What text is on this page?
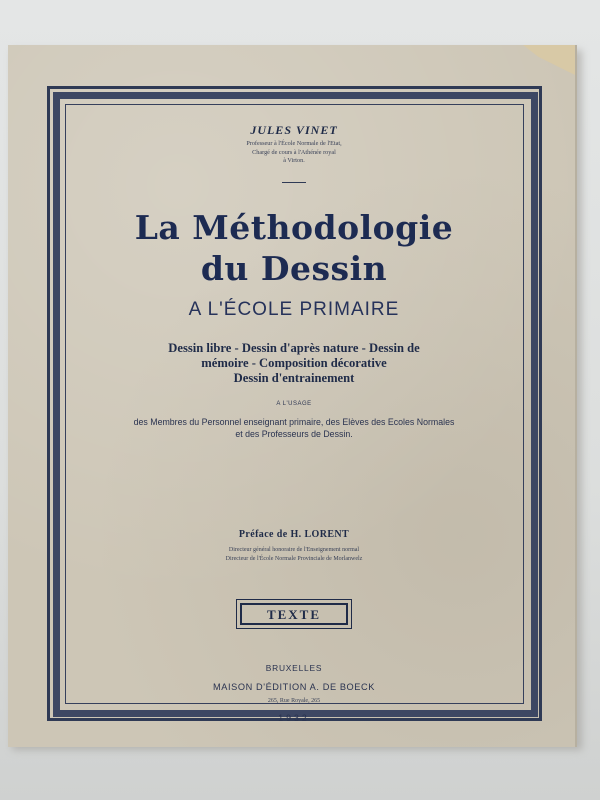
JULES VINET
Professeur à l'École Normale de l'Etat,
Chargé de cours à l'Athénée royal
à Virton.
La Méthodologie
du Dessin
A L'ÉCOLE PRIMAIRE
Dessin libre - Dessin d'après nature - Dessin de
mémoire - Composition décorative
Dessin d'entrainement
A L'USAGE
des Membres du Personnel enseignant primaire, des Elèves des Ecoles Normales
et des Professeurs de Dessin.
Préface de H. LORENT
Directeur général honoraire de l'Enseignement normal
Directeur de l'École Normale Provinciale de Morlanwelz
TEXTE
BRUXELLES
MAISON D'ÉDITION A. DE BOECK
265, Rue Royale, 265
1932
